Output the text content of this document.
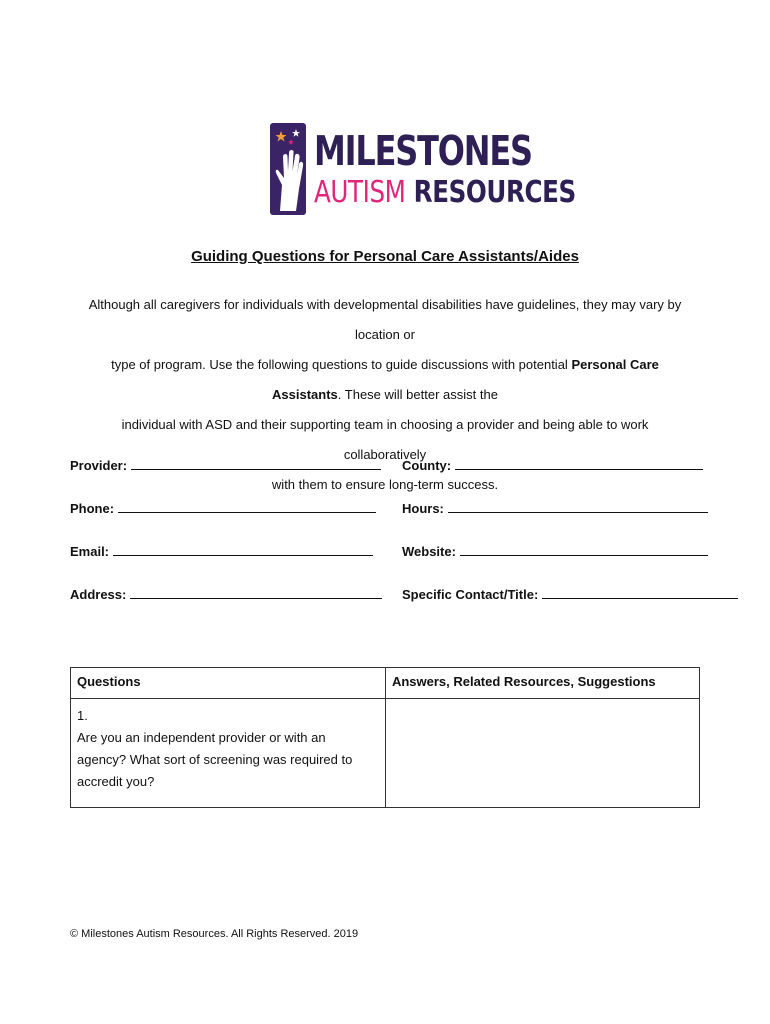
MILESTONES
AUTISM RESOURCES
Guiding Questions for Personal Care Assistants/Aides
Although all caregivers for individuals with developmental disabilities have guidelines, they may vary by location or
type of program. Use the following questions to guide discussions with potential Personal Care Assistants. These will better assist the
individual with ASD and their supporting team in choosing a provider and being able to work collaboratively
with them to ensure long-term success.
Provider:	County:
Phone:	Hours:
Email:	Website:
Address:	Specific Contact/Title:
Questions	Answers, Related Resources, Suggestions
1.Are you an independent provider or with an agency? What sort of screening was required to accredit you?	
© Milestones Autism Resources. All Rights Reserved. 2019
